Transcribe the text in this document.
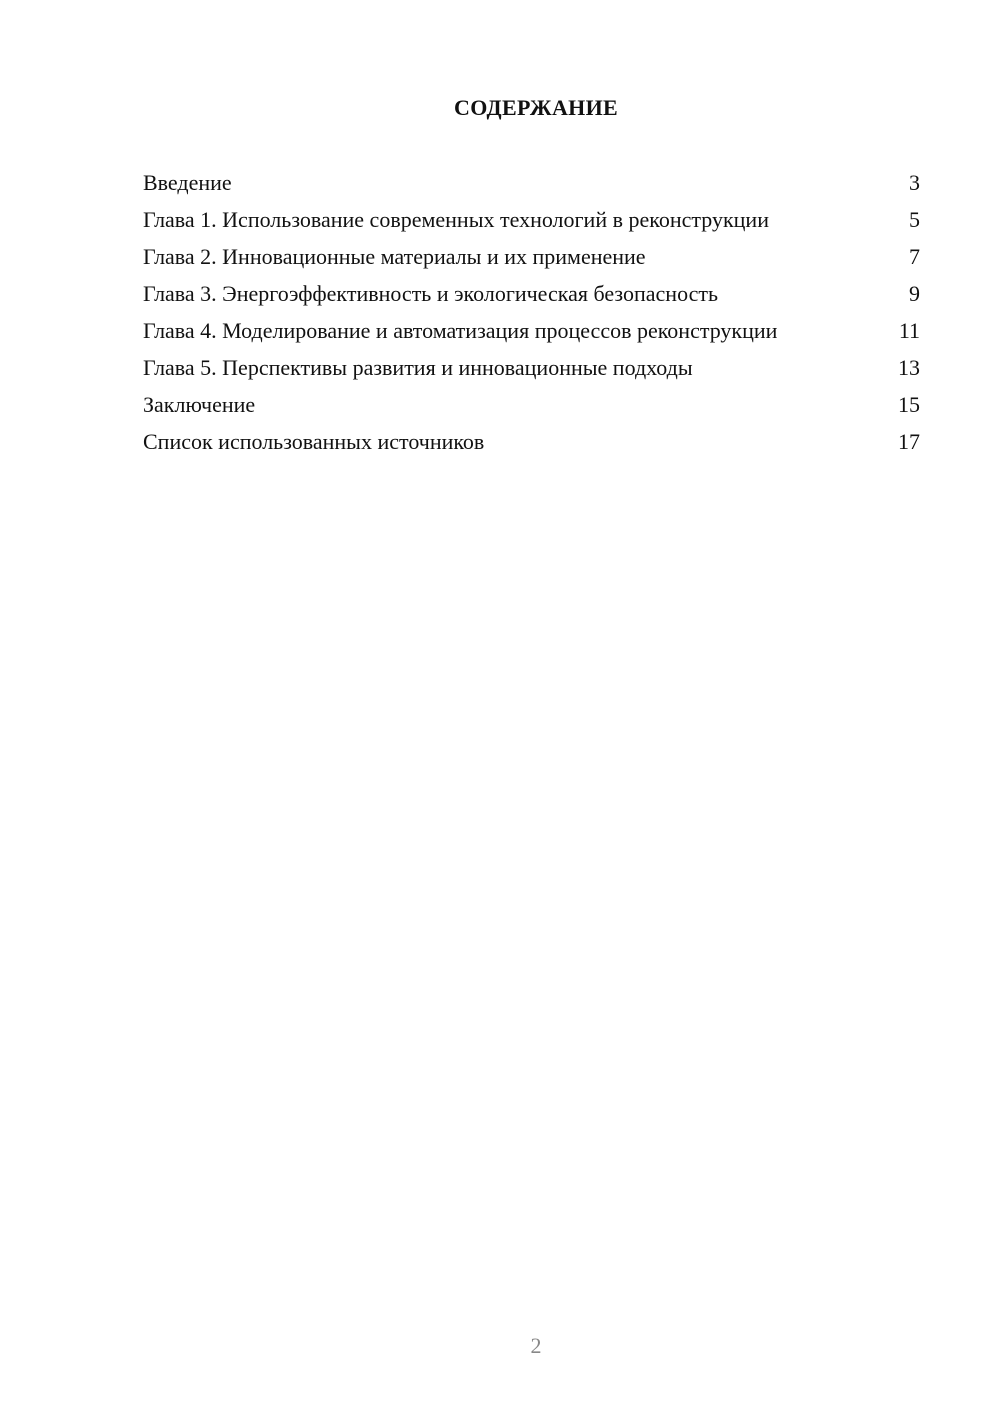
СОДЕРЖАНИЕ
Введение	3
Глава 1. Использование современных технологий в реконструкции	5
Глава 2. Инновационные материалы и их применение	7
Глава 3. Энергоэффективность и экологическая безопасность	9
Глава 4. Моделирование и автоматизация процессов реконструкции	11
Глава 5. Перспективы развития и инновационные подходы	13
Заключение	15
Список использованных источников	17
2
